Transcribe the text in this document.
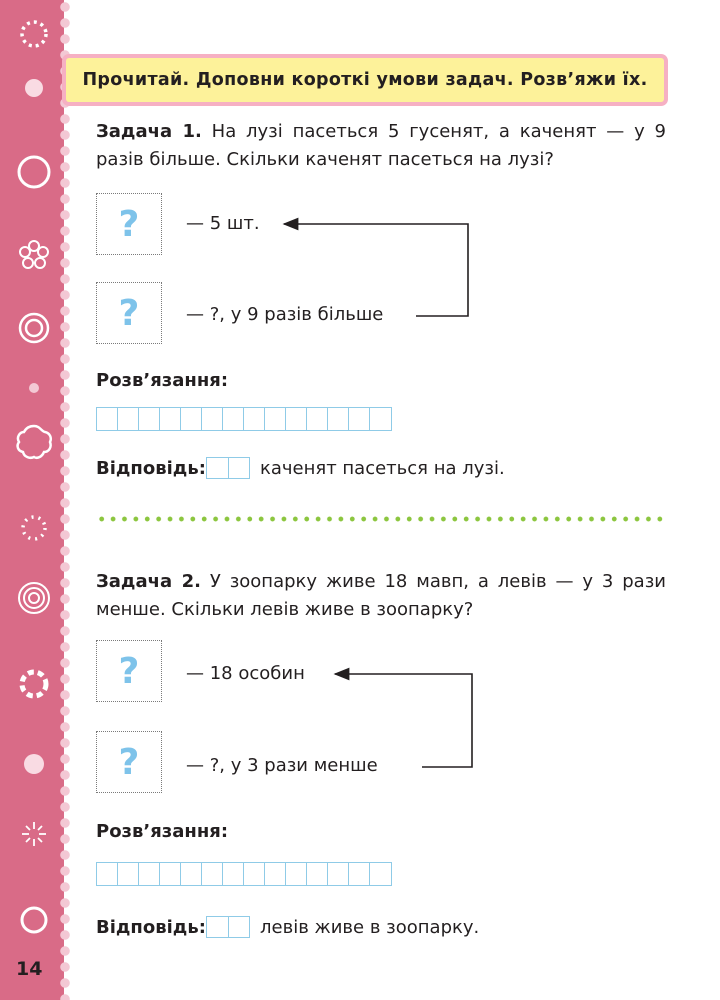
14
Прочитай. Доповни короткі умови задач. Розв’яжи їх.
Задача 1. На лузі пасеться 5 гусенят, а каченят — у 9 разів більше. Скільки каченят пасеться на лузі?
?	— 5 шт.
?	— ?, у 9 разів більше
Розв’язання:
Відповідь:	каченят пасеться на лузі.
Задача 2. У зоопарку живе 18 мавп, а левів — у 3 рази менше. Скільки левів живе в зоопарку?
?	— 18 особин
?	— ?, у 3 рази менше
Розв’язання:
Відповідь:	левів живе в зоопарку.
